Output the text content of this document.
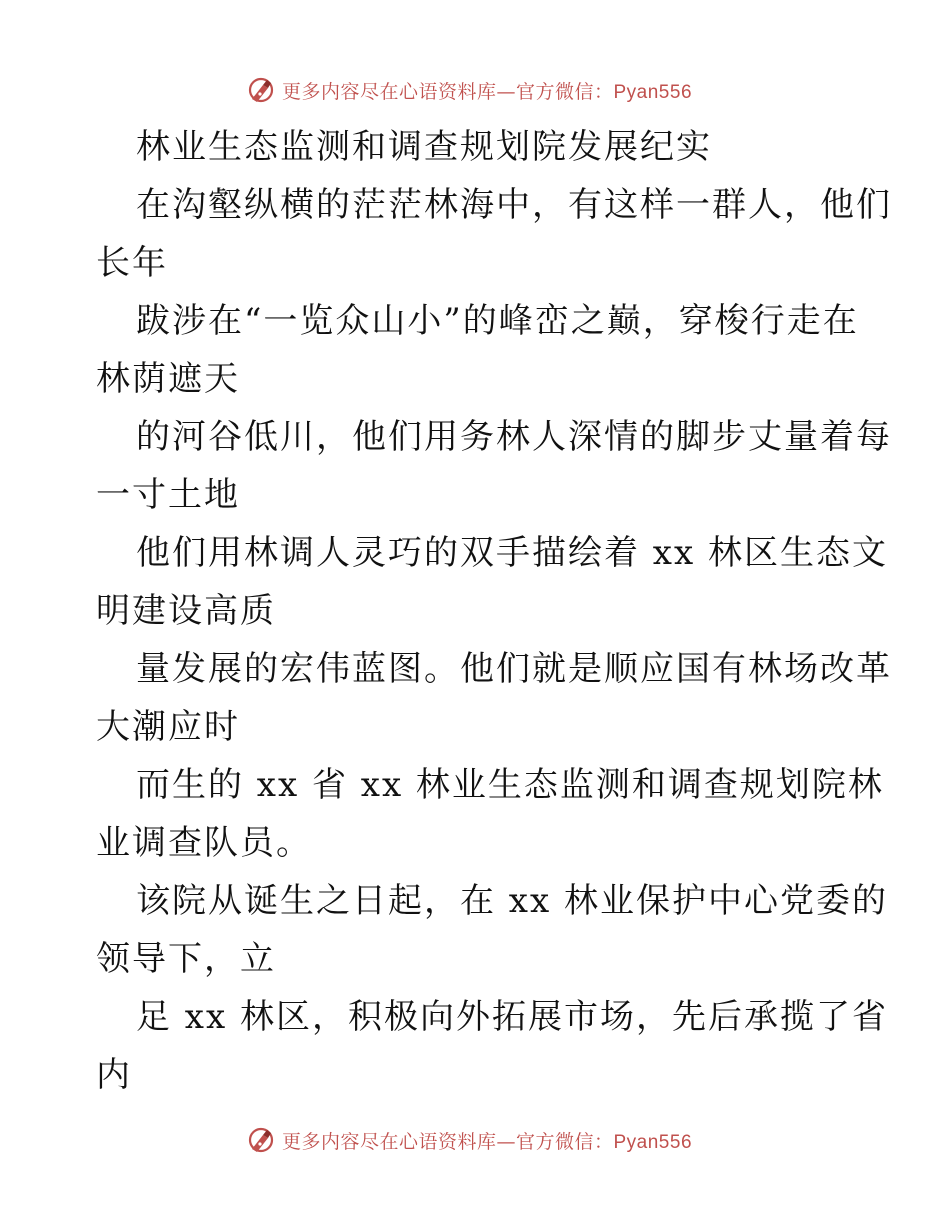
更多内容尽在心语资料库—官方微信：Pyan556
林业生态监测和调查规划院发展纪实
在沟壑纵横的茫茫林海中，有这样一群人，他们
长年
跋涉在“一览众山小”的峰峦之巅，穿梭行走在
林荫遮天
的河谷低川，他们用务林人深情的脚步丈量着每
一寸土地
他们用林调人灵巧的双手描绘着 xx 林区生态文
明建设高质
量发展的宏伟蓝图。他们就是顺应国有林场改革
大潮应时
而生的 xx 省 xx 林业生态监测和调查规划院林
业调查队员。
该院从诞生之日起，在 xx 林业保护中心党委的
领导下，立
足 xx 林区，积极向外拓展市场，先后承揽了省
内
更多内容尽在心语资料库—官方微信：Pyan556
